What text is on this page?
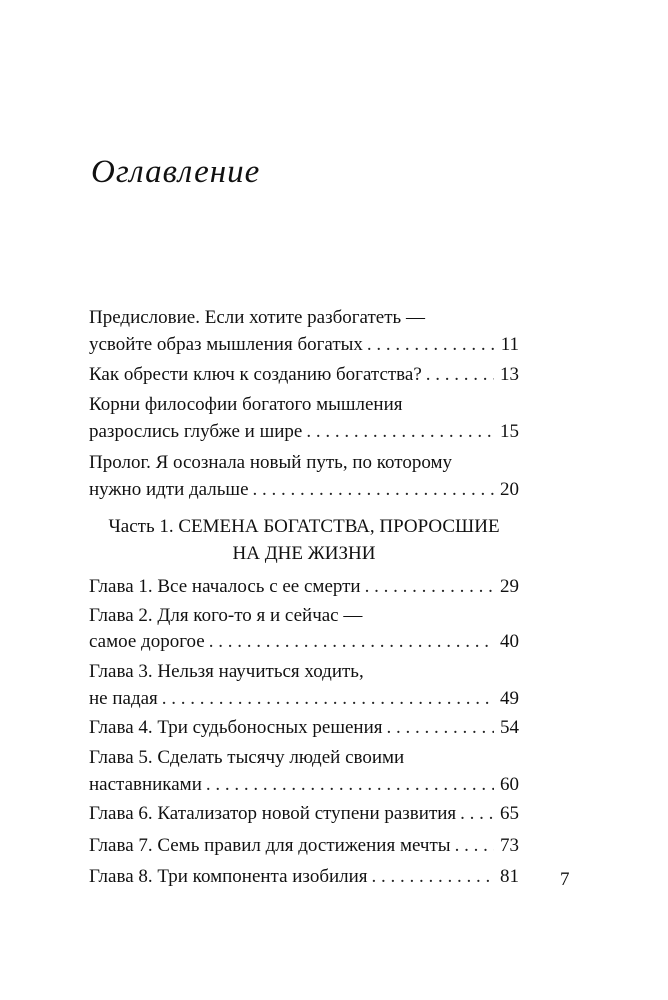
Оглавление
Предисловие. Если хотите разбогатеть —
усвойте образ мышления богатых . . .	11
Как обрести ключ к созданию богатства? . . .	13
Корни философии богатого мышления
разрослись глубже и шире . . .	15
Пролог. Я осознала новый путь, по которому
нужно идти дальше . . .	20
Часть 1. СЕМЕНА БОГАТСТВА, ПРОРОСШИЕ
НА ДНЕ ЖИЗНИ
Глава 1. Все началось с ее смерти . . .	29
Глава 2. Для кого-то я и сейчас —
самое дорогое . . .	40
Глава 3. Нельзя научиться ходить,
не падая . . .	49
Глава 4. Три судьбоносных решения . . .	54
Глава 5. Сделать тысячу людей своими
наставниками . . .	60
Глава 6. Катализатор новой ступени развития . . . 65
Глава 7. Семь правил для достижения мечты . . .	73
Глава 8. Три компонента изобилия . . .	81 7
